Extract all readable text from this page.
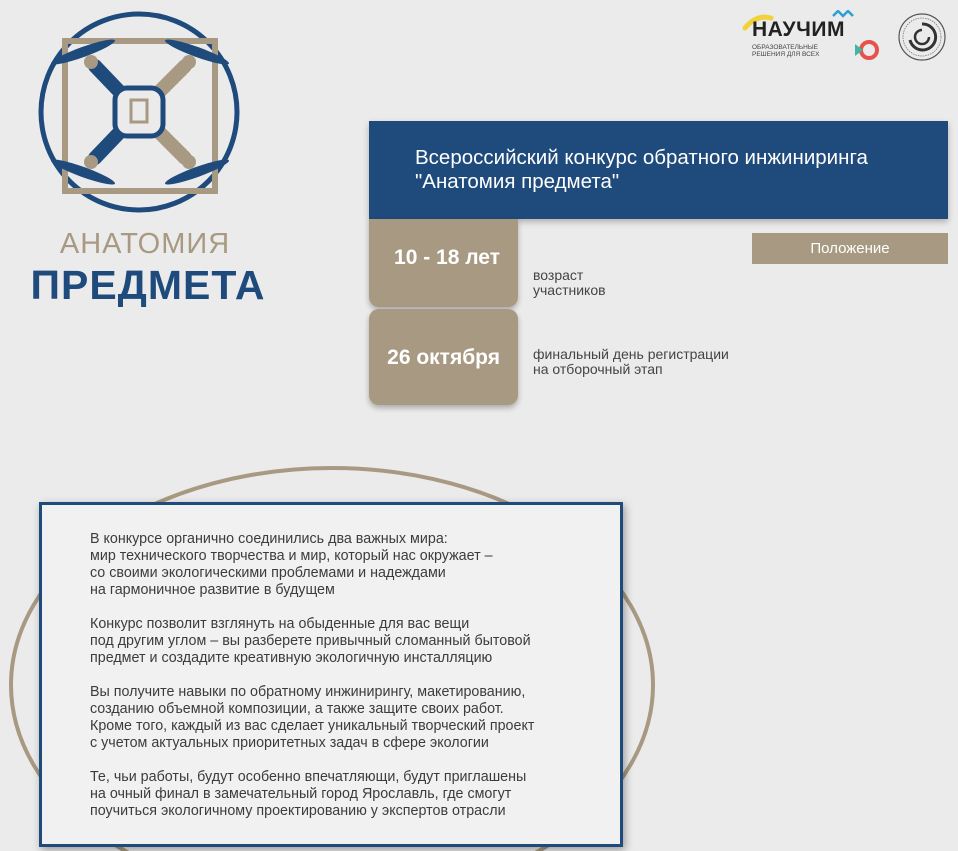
АНАТОМИЯ
ПРЕДМЕТА
НАУЧИМ
ОБРАЗОВАТЕЛЬНЫЕ РЕШЕНИЯ ДЛЯ ВСЕХ
Всероссийский конкурс обратного инжиниринга "Анатомия предмета"
Положение
10 - 18 лет
возраст участников
26 октября финальный день регистрации на отборочный этап
В конкурсе органично соединились два важных мира:
мир технического творчества и мир, который нас окружает –
со своими экологическими проблемами и надеждами
на гармоничное развитие в будущем
Конкурс позволит взглянуть на обыденные для вас вещи
под другим углом – вы разберете привычный сломанный бытовой
предмет и создадите креативную экологичную инсталляцию
Вы получите навыки по обратному инжинирингу, макетированию,
созданию объемной композиции, а также защите своих работ.
Кроме того, каждый из вас сделает уникальный творческий проект
с учетом актуальных приоритетных задач в сфере экологии
Те, чьи работы, будут особенно впечатляющи, будут приглашены
на очный финал в замечательный город Ярославль, где смогут
поучиться экологичному проектированию у экспертов отрасли
